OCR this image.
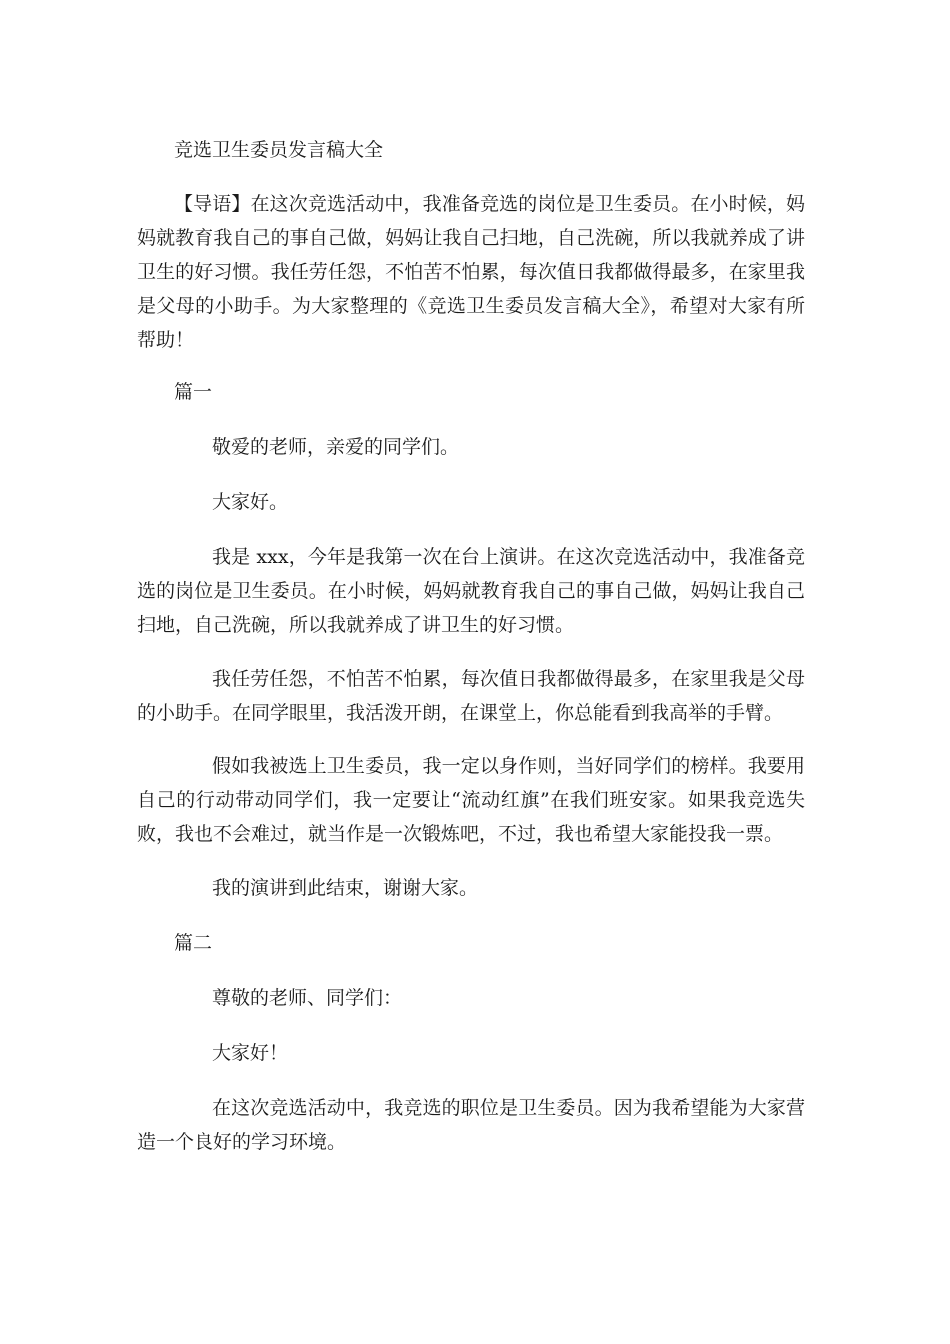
竞选卫生委员发言稿大全
【导语】在这次竞选活动中，我准备竞选的岗位是卫生委员。在小时候，妈
妈就教育我自己的事自己做，妈妈让我自己扫地，自己洗碗，所以我就养成了讲
卫生的好习惯。我任劳任怨，不怕苦不怕累，每次值日我都做得最多，在家里我
是父母的小助手。为大家整理的《竞选卫生委员发言稿大全》，希望对大家有所
帮助！
篇一
敬爱的老师，亲爱的同学们。
大家好。
我是 xxx，今年是我第一次在台上演讲。在这次竞选活动中，我准备竞
选的岗位是卫生委员。在小时候，妈妈就教育我自己的事自己做，妈妈让我自己
扫地，自己洗碗，所以我就养成了讲卫生的好习惯。
我任劳任怨，不怕苦不怕累，每次值日我都做得最多，在家里我是父母
的小助手。在同学眼里，我活泼开朗，在课堂上，你总能看到我高举的手臂。
假如我被选上卫生委员，我一定以身作则，当好同学们的榜样。我要用
自己的行动带动同学们，我一定要让“流动红旗”在我们班安家。如果我竞选失
败，我也不会难过，就当作是一次锻炼吧，不过，我也希望大家能投我一票。
我的演讲到此结束，谢谢大家。
篇二
尊敬的老师、同学们：
大家好！
在这次竞选活动中，我竞选的职位是卫生委员。因为我希望能为大家营
造一个良好的学习环境。
